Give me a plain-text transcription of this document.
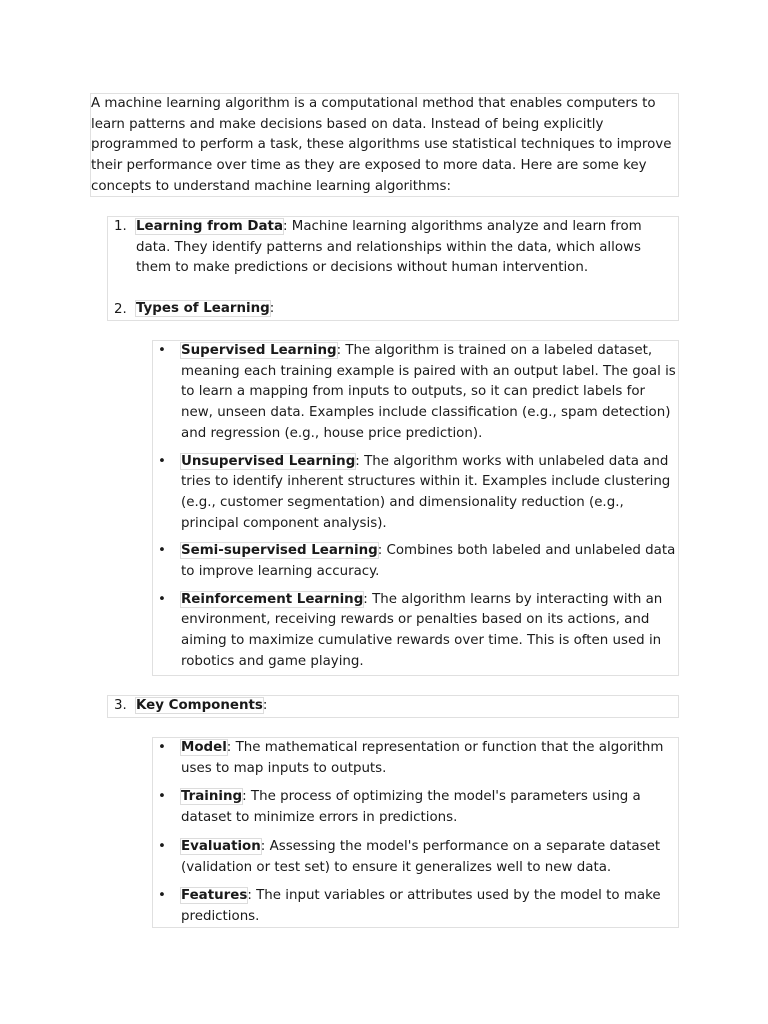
A machine learning algorithm is a computational method that enables computers to learn patterns and make decisions based on data. Instead of being explicitly programmed to perform a task, these algorithms use statistical techniques to improve their performance over time as they are exposed to more data. Here are some key concepts to understand machine learning algorithms:

1. Learning from Data: Machine learning algorithms analyze and learn from data. They identify patterns and relationships within the data, which allows them to make predictions or decisions without human intervention.
2. Types of Learning:
• Supervised Learning: The algorithm is trained on a labeled dataset, meaning each training example is paired with an output label. The goal is to learn a mapping from inputs to outputs, so it can predict labels for new, unseen data. Examples include classification (e.g., spam detection) and regression (e.g., house price prediction).
• Unsupervised Learning: The algorithm works with unlabeled data and tries to identify inherent structures within it. Examples include clustering (e.g., customer segmentation) and dimensionality reduction (e.g., principal component analysis).
• Semi-supervised Learning: Combines both labeled and unlabeled data to improve learning accuracy.
• Reinforcement Learning: The algorithm learns by interacting with an environment, receiving rewards or penalties based on its actions, and aiming to maximize cumulative rewards over time. This is often used in robotics and game playing.
3. Key Components:
• Model: The mathematical representation or function that the algorithm uses to map inputs to outputs.
• Training: The process of optimizing the model's parameters using a dataset to minimize errors in predictions.
• Evaluation: Assessing the model's performance on a separate dataset (validation or test set) to ensure it generalizes well to new data.
• Features: The input variables or attributes used by the model to make predictions.
